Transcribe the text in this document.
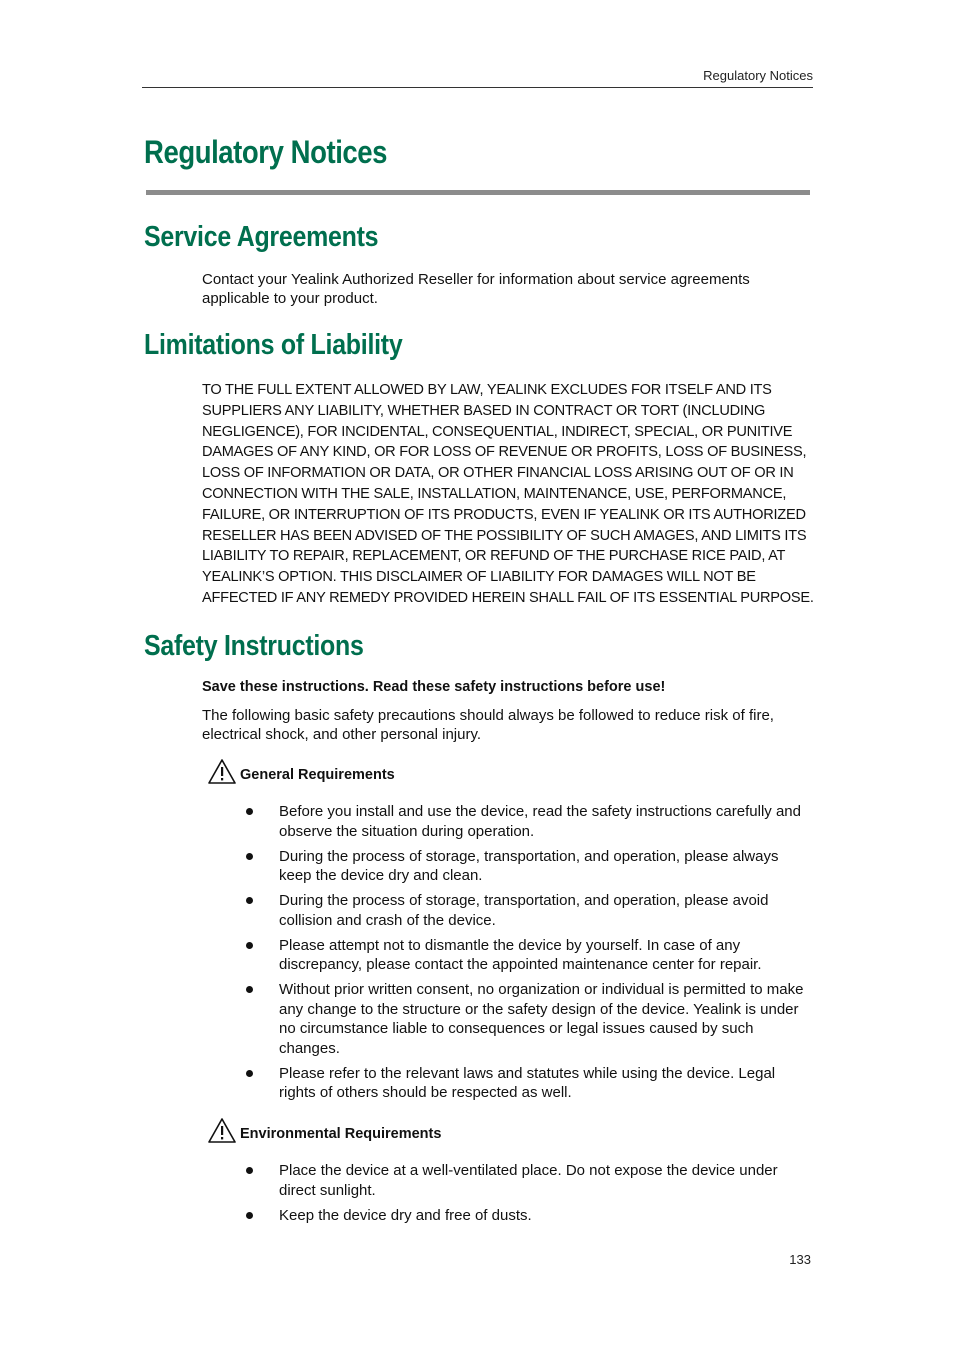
Regulatory Notices
Regulatory Notices
Service Agreements

Contact your Yealink Authorized Reseller for information about service agreements applicable to your product.

Limitations of Liability

TO THE FULL EXTENT ALLOWED BY LAW, YEALINK EXCLUDES FOR ITSELF AND ITS SUPPLIERS ANY LIABILITY, WHETHER BASED IN CONTRACT OR TORT (INCLUDING NEGLIGENCE), FOR INCIDENTAL, CONSEQUENTIAL, INDIRECT, SPECIAL, OR PUNITIVE DAMAGES OF ANY KIND, OR FOR LOSS OF REVENUE OR PROFITS, LOSS OF BUSINESS, LOSS OF INFORMATION OR DATA, OR OTHER FINANCIAL LOSS ARISING OUT OF OR IN CONNECTION WITH THE SALE, INSTALLATION, MAINTENANCE, USE, PERFORMANCE, FAILURE, OR INTERRUPTION OF ITS PRODUCTS, EVEN IF YEALINK OR ITS AUTHORIZED RESELLER HAS BEEN ADVISED OF THE POSSIBILITY OF SUCH AMAGES, AND LIMITS ITS LIABILITY TO REPAIR, REPLACEMENT, OR REFUND OF THE PURCHASE RICE PAID, AT YEALINK’S OPTION. THIS DISCLAIMER OF LIABILITY FOR DAMAGES WILL NOT BE AFFECTED IF ANY REMEDY PROVIDED HEREIN SHALL FAIL OF ITS ESSENTIAL PURPOSE.

Safety Instructions

Save these instructions. Read these safety instructions before use!

The following basic safety precautions should always be followed to reduce risk of fire, electrical shock, and other personal injury.

General Requirements
Before you install and use the device, read the safety instructions carefully and observe the situation during operation.
During the process of storage, transportation, and operation, please always keep the device dry and clean.
During the process of storage, transportation, and operation, please avoid collision and crash of the device.
Please attempt not to dismantle the device by yourself. In case of any discrepancy, please contact the appointed maintenance center for repair.
Without prior written consent, no organization or individual is permitted to make any change to the structure or the safety design of the device. Yealink is under no circumstance liable to consequences or legal issues caused by such changes.
Please refer to the relevant laws and statutes while using the device. Legal rights of others should be respected as well.
Environmental Requirements
Place the device at a well-ventilated place. Do not expose the device under direct sunlight.
Keep the device dry and free of dusts.
133
